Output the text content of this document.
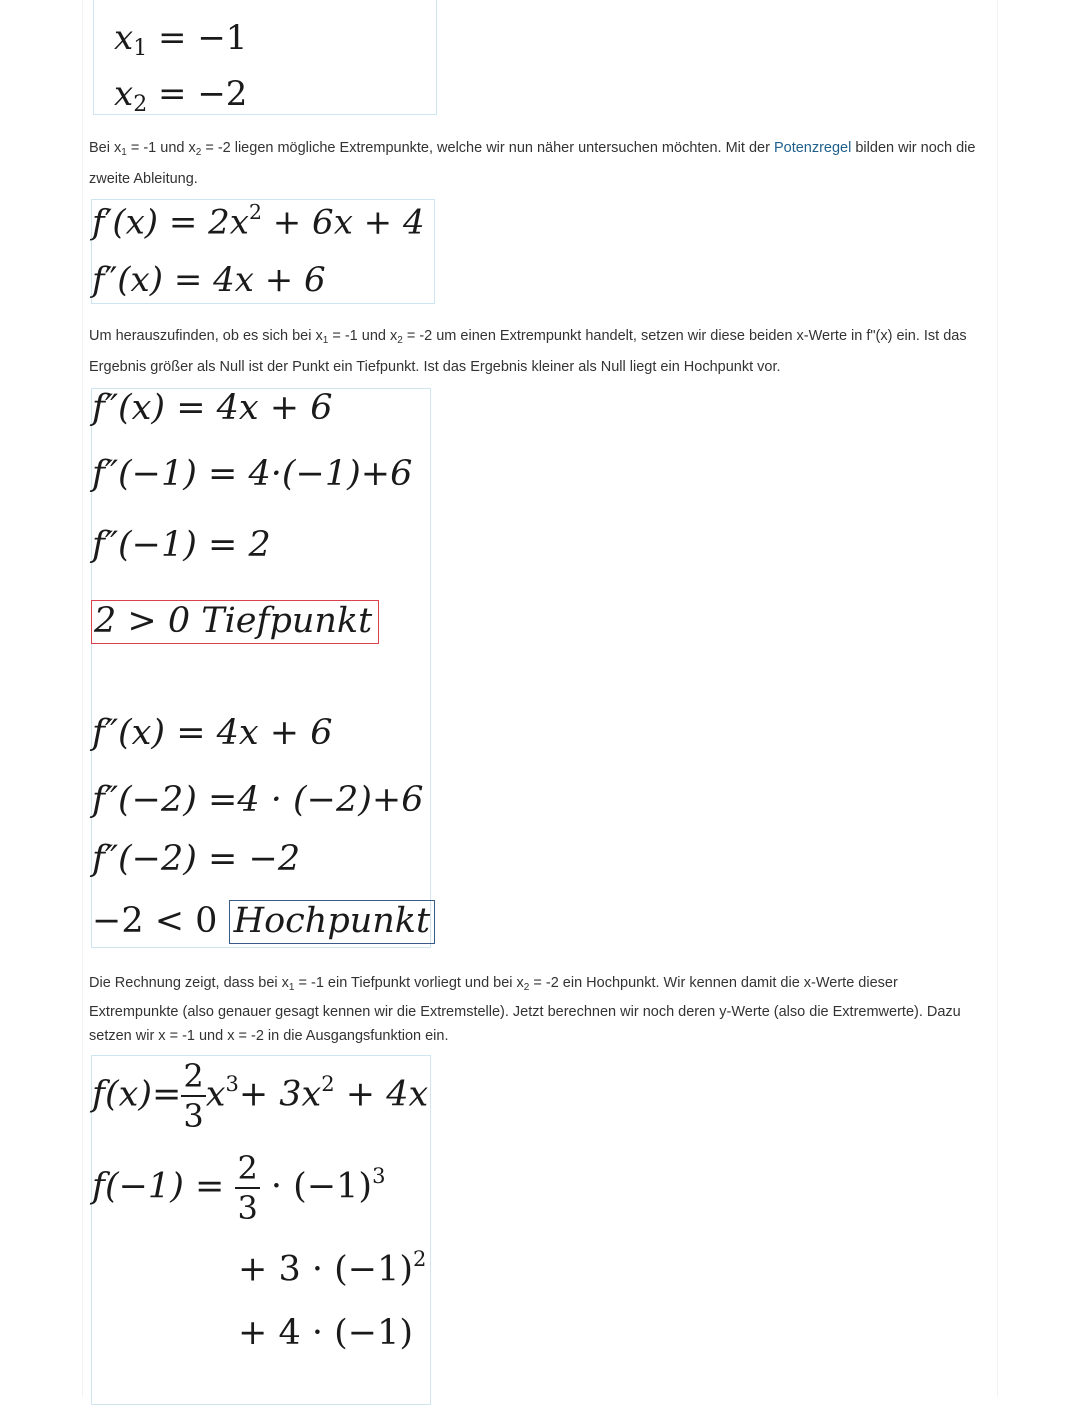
$x_1 = -1$
$x_2 = -2$
Bei $x_1 = -1$ und $x_2 = -2$ liegen mögliche Extrempunkte, welche wir nun näher untersuchen möchten. Mit der Potenzregel bilden wir noch die zweite Ableitung.
$f'(x) = 2x^2 + 6x + 4$
f″(x) = 4x + 6
Um herauszufinden, ob es sich bei $x_1 = -1$ und $x_2 = -2$ um einen Extrempunkt handelt, setzen wir diese beiden x-Werte in f"(x) ein. Ist das Ergebnis größer als Null ist der Punkt ein Tiefpunkt. Ist das Ergebnis kleiner als Null liegt ein Hochpunkt vor.
f″(x) = 4x + 6
f″(−1) = 4·(−1)+6
f″(−1) = 2
2 > 0 Tiefpunkt
f″(x) = 4x + 6
f″(−2) =4 · (−2)+6
f″(−2) = −2
−2 < 0 Hochpunkt
Die Rechnung zeigt, dass bei $x_1 = -1$ ein Tiefpunkt vorliegt und bei $x_2 = -2$ ein Hochpunkt. Wir kennen damit die x-Werte dieser Extrempunkte (also genauer gesagt kennen wir die Extremstelle). Jetzt berechnen wir noch deren y-Werte (also die Extremwerte). Dazu setzen wir x = -1 und x = -2 in die Ausgangsfunktion ein.
$f(x)= \frac{2}{3} x^3+ 3x^2 + 4x$
$f(-1) = \frac{2}{3} \cdot (-1)^3$
+ $3 \cdot (-1)^2$
+ 4 · (−1)
